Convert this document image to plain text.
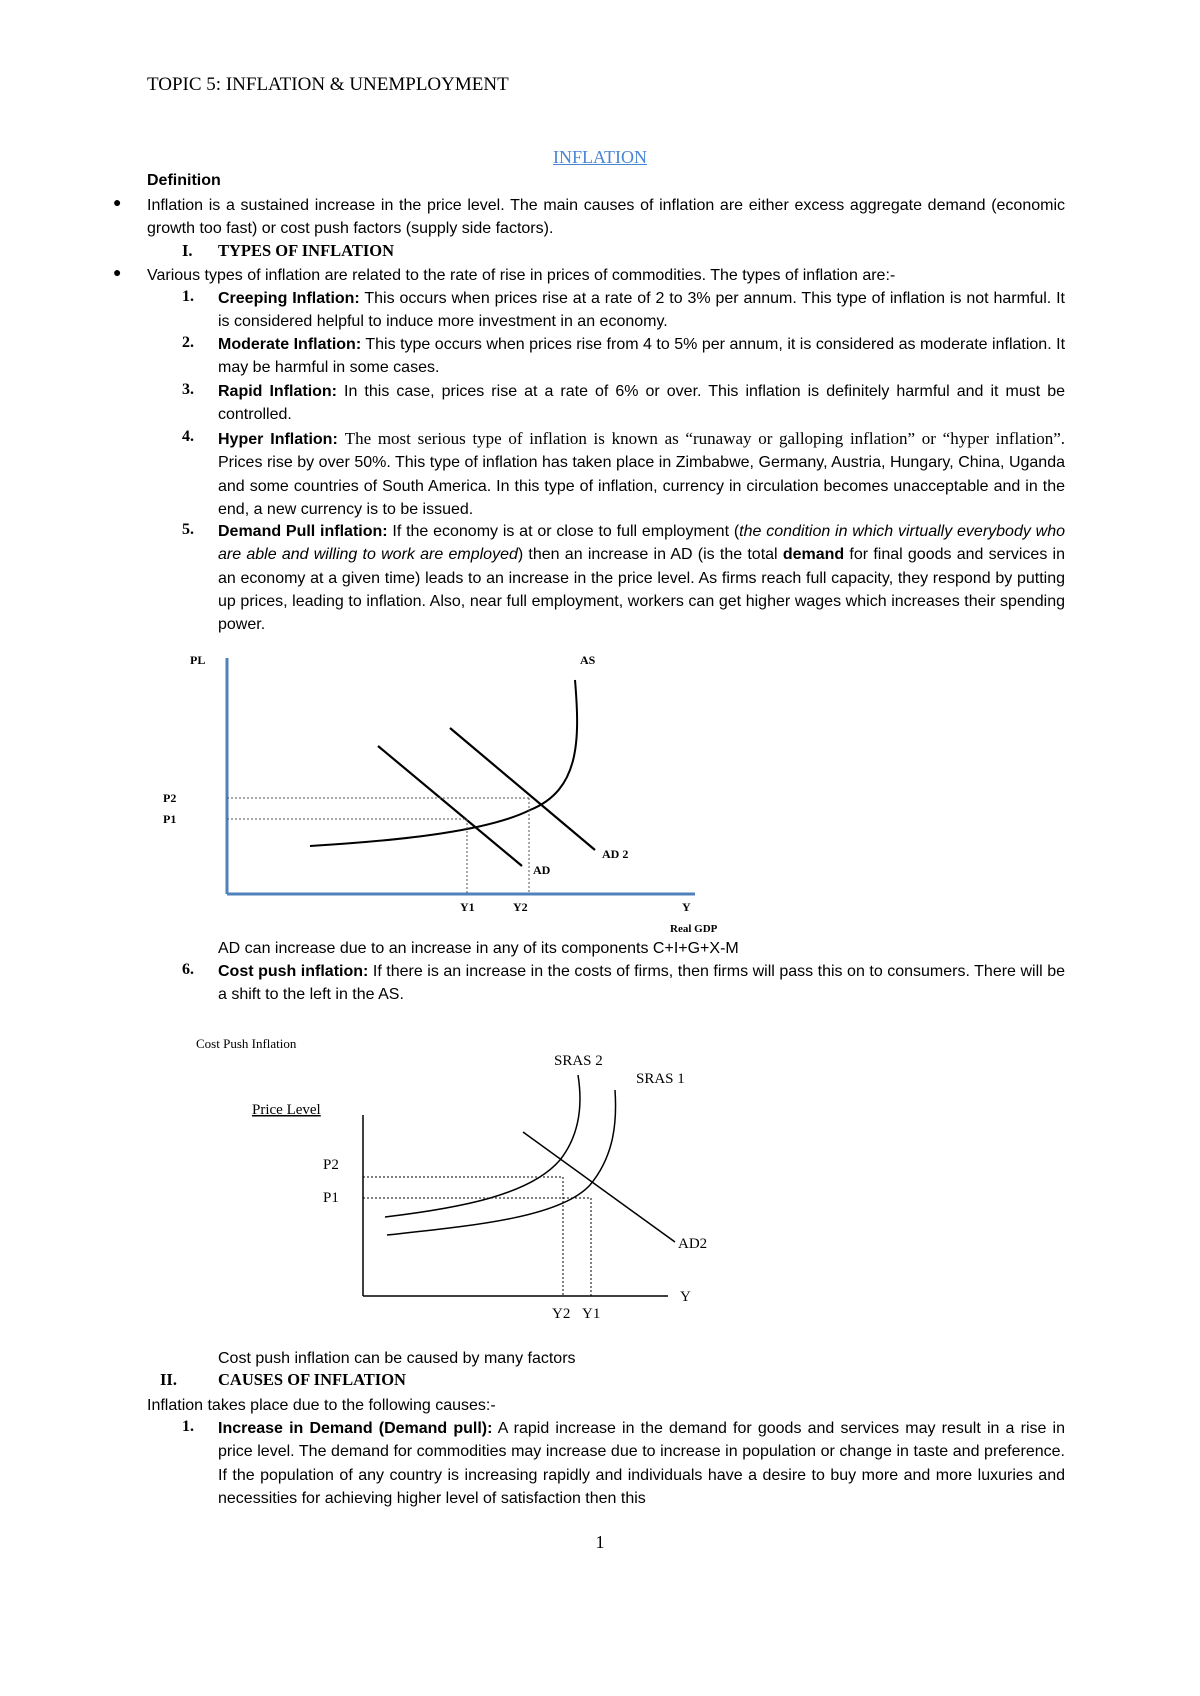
TOPIC 5: INFLATION & UNEMPLOYMENT
INFLATION
Definition
● Inflation is a sustained increase in the price level. The main causes of inflation are either excess aggregate demand (economic growth too fast) or cost push factors (supply side factors).
I. TYPES OF INFLATION
● Various types of inflation are related to the rate of rise in prices of commodities. The types of inflation are:-
1. Creeping Inflation: This occurs when prices rise at a rate of 2 to 3% per annum. This type of inflation is not harmful. It is considered helpful to induce more investment in an economy.
2. Moderate Inflation: This type occurs when prices rise from 4 to 5% per annum, it is considered as moderate inflation. It may be harmful in some cases.
3. Rapid Inflation: In this case, prices rise at a rate of 6% or over. This inflation is definitely harmful and it must be controlled.
4. Hyper Inflation: The most serious type of inflation is known as “runaway or galloping inflation” or “hyper inflation”. Prices rise by over 50%. This type of inflation has taken place in Zimbabwe, Germany, Austria, Hungary, China, Uganda and some countries of South America. In this type of inflation, currency in circulation becomes unacceptable and in the end, a new currency is to be issued.
5. Demand Pull inflation: If the economy is at or close to full employment (the condition in which virtually everybody who are able and willing to work are employed) then an increase in AD (is the total demand for final goods and services in an economy at a given time) leads to an increase in the price level. As firms reach full capacity, they respond by putting up prices, leading to inflation. Also, near full employment, workers can get higher wages which increases their spending power.
PL	AS
P2
P1
AD
AD 2
Y1	Y2	Y
Real GDP
AD can increase due to an increase in any of its components C+I+G+X-M
6. Cost push inflation: If there is an increase in the costs of firms, then firms will pass this on to consumers. There will be a shift to the left in the AS.
Cost Push Inflation
Price Level
SRAS 2
SRAS 1
P2
P1
AD2
Y
Y2 Y1
Cost push inflation can be caused by many factors
II. CAUSES OF INFLATION
Inflation takes place due to the following causes:-
1. Increase in Demand (Demand pull): A rapid increase in the demand for goods and services may result in a rise in price level. The demand for commodities may increase due to increase in population or change in taste and preference. If the population of any country is increasing rapidly and individuals have a desire to buy more and more luxuries and necessities for achieving higher level of satisfaction then this
1
